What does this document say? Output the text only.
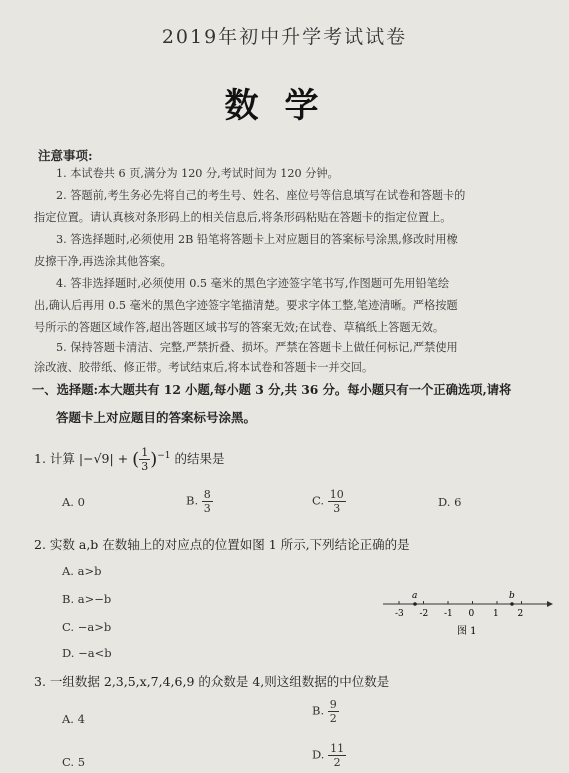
2019年初中升学考试试卷
数学
注意事项:
1. 本试卷共 6 页,满分为 120 分,考试时间为 120 分钟。
2. 答题前,考生务必先将自己的考生号、姓名、座位号等信息填写在试卷和答题卡的
指定位置。请认真核对条形码上的相关信息后,将条形码粘贴在答题卡的指定位置上。
3. 答选择题时,必须使用 2B 铅笔将答题卡上对应题目的答案标号涂黑,修改时用橡
皮擦干净,再选涂其他答案。
4. 答非选择题时,必须使用 0.5 毫米的黑色字迹签字笔书写,作图题可先用铅笔绘
出,确认后再用 0.5 毫米的黑色字迹签字笔描清楚。要求字体工整,笔迹清晰。严格按题
号所示的答题区域作答,超出答题区域书写的答案无效;在试卷、草稿纸上答题无效。
5. 保持答题卡清洁、完整,严禁折叠、损坏。严禁在答题卡上做任何标记,严禁使用
涂改液、胶带纸、修正带。考试结束后,将本试卷和答题卡一并交回。
一、选择题:本大题共有 12 小题,每小题 3 分,共 36 分。每小题只有一个正确选项,请将
答题卡上对应题目的答案标号涂黑。
1. 计算 |−√9| + ( $\frac{1}{3} )^{-1}$ 的结果是
A. 0	B. $\frac{8}{3}$	C. $\frac{10}{3}$	D. 6
2. 实数 a,b 在数轴上的对应点的位置如图 1 所示,下列结论正确的是
A. a>b
B. a>−b
C. −a>b
D. −a<b
-3 -2 -1 0 1 2
a	b
图 1
3. 一组数据 2,3,5,x,7,4,6,9 的众数是 4,则这组数据的中位数是
A. 4
B. $\frac{9}{2}$
C. 5
D. $\frac{11}{2}$
